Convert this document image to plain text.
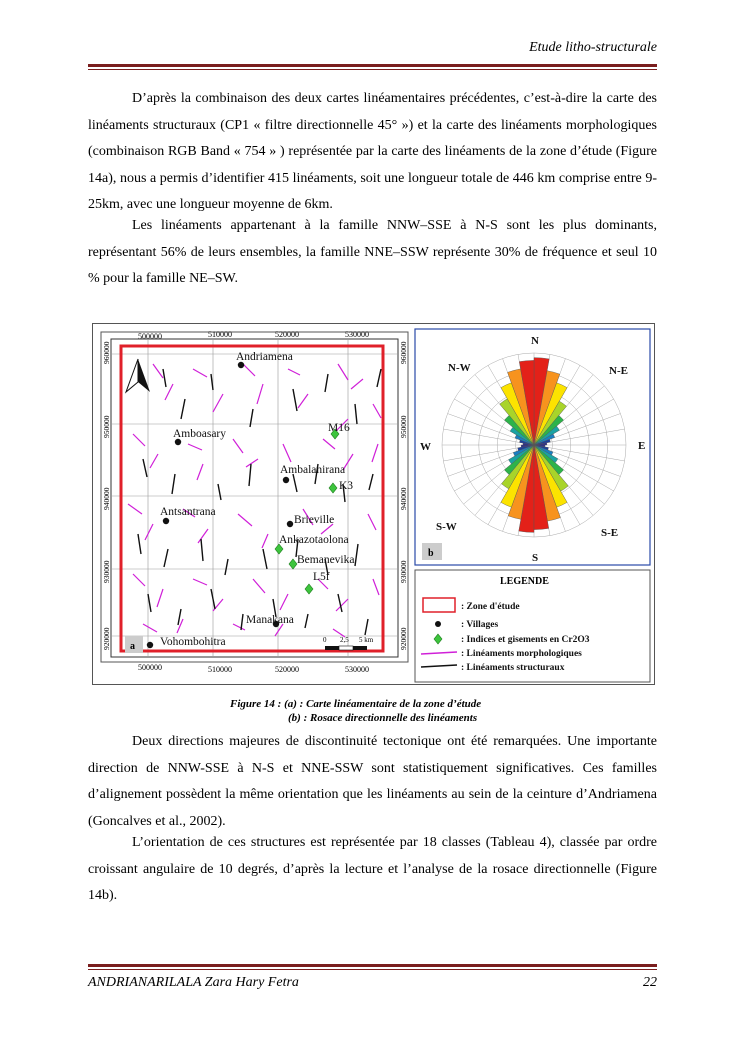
Etude litho-structurale

D’après la combinaison des deux cartes linéamentaires précédentes, c’est-à-dire la carte des linéaments structuraux (CP1 « filtre directionnelle 45° ») et la carte des linéaments morphologiques (combinaison RGB Band « 754 » ) représentée par la carte des linéaments de la zone d’étude (Figure 14a), nous a permis d’identifier 415 linéaments, soit une longueur totale de 446 km comprise entre 9-25km, avec une longueur moyenne de 6km.

Les linéaments appartenant à la famille NNW–SSE à N-S sont les plus dominants, représentant 56% de leurs ensembles, la famille NNE–SSW représente 30% de fréquence et seul 10 % pour la famille NE–SW.

500000	510000	520000	530000
500000	510000	520000	530000
960000
950000
940000
930000
920000
960000
950000
940000
930000
920000
Andriamena
Amboasary
Ambalanirana
Antsantrana
Brieville
Ankazotaolona
Manakana
Vohombohitra
M16
K3
Bemanevika
L5f
0 2,5 5 km
a
N
N-E
E
S-E
S
S-W
W
N-W
b
LEGENDE
: Zone d'étude
: Villages
: Indices et gisements en Cr2O3
: Linéaments morphologiques
: Linéaments structuraux
Figure 14 : (a) : Carte linéamentaire de la zone d’étude
(b) : Rosace directionnelle des linéaments

Deux directions majeures de discontinuité tectonique ont été remarquées. Une importante direction de NNW-SSE à N-S et NNE-SSW sont statistiquement significatives. Ces familles d’alignement possèdent la même orientation que les linéaments au sein de la ceinture d’Andriamena (Goncalves et al., 2002).

L’orientation de ces structures est représentée par 18 classes (Tableau 4), classée par ordre croissant angulaire de 10 degrés, d’après la lecture et l’analyse de la rosace directionnelle (Figure 14b).

ANDRIANARILALA Zara Hary Fetra	22
